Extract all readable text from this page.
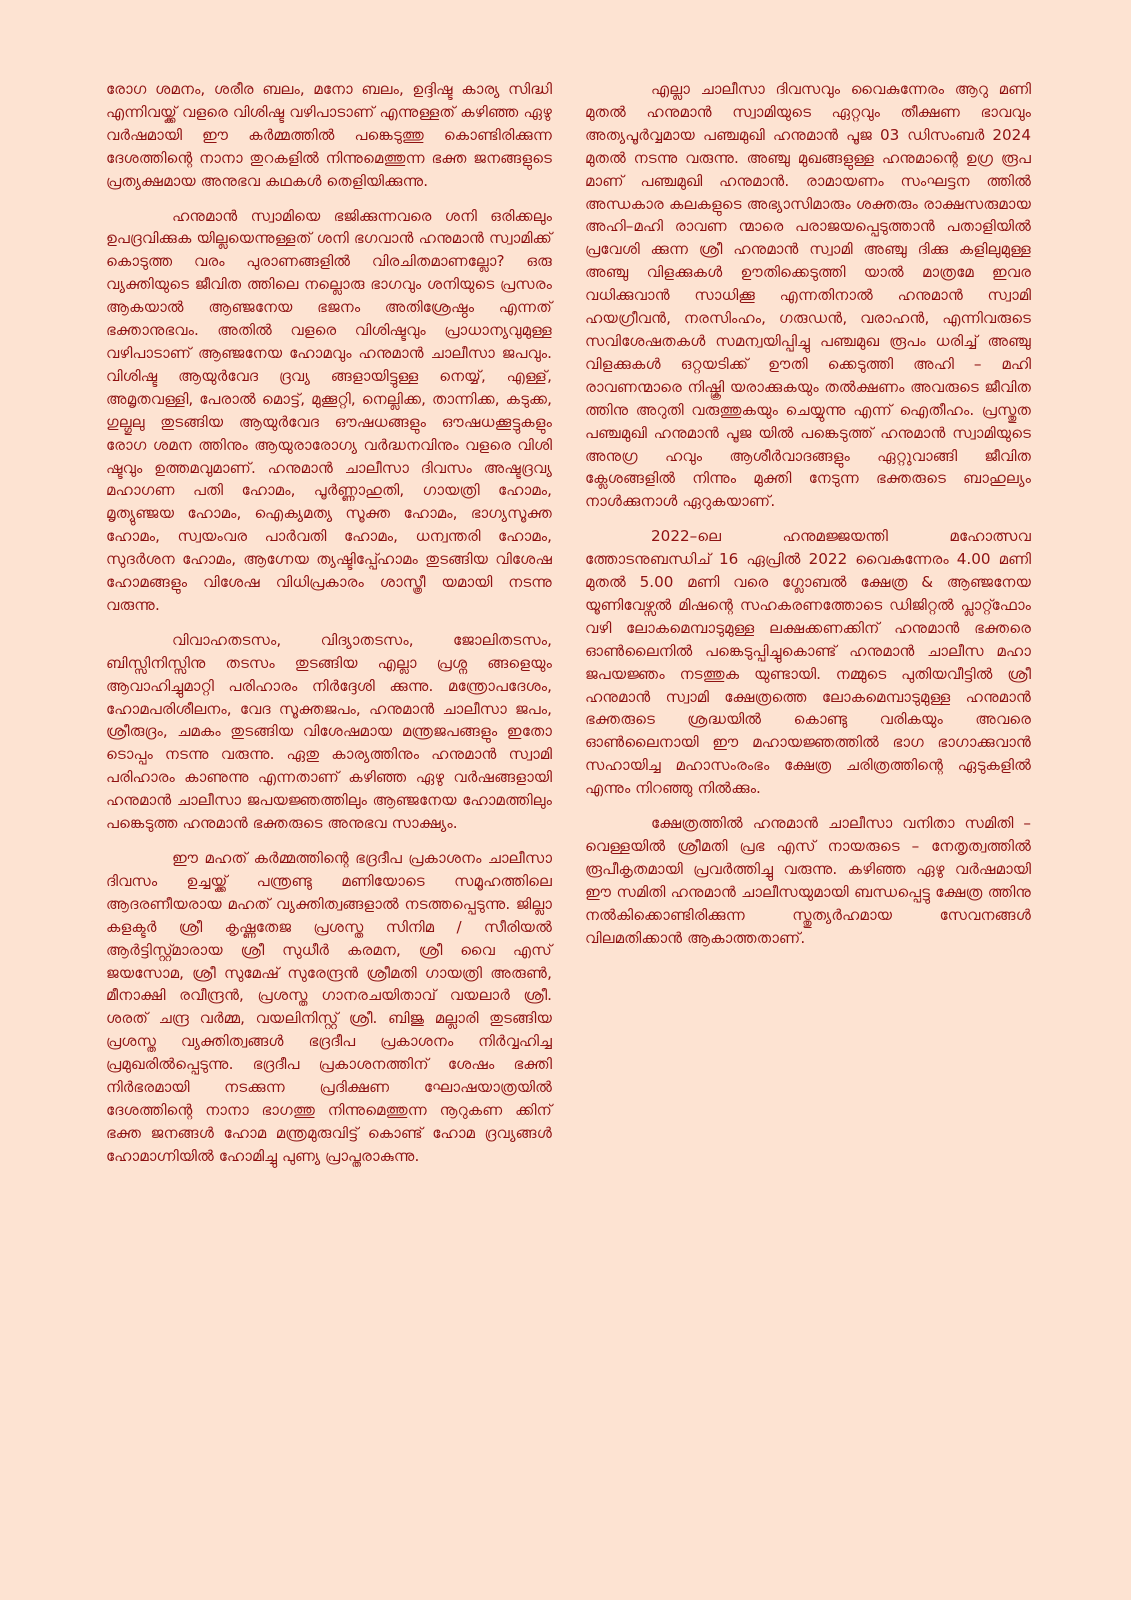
രോഗ ശമനം, ശരീര ബലം, മനോ ബലം, ഉദ്ദിഷ്ട കാര്യ സിദ്ധി എന്നിവയ്ക്ക് വളരെ വിശിഷ്ട വഴിപാടാണ് എന്നുള്ളത് കഴിഞ്ഞ ഏഴു വർഷമായി ഈ കർമ്മത്തിൽ പങ്കെടുത്തു കൊണ്ടിരിക്കുന്ന ദേശത്തിന്റെ നാനാ തുറകളിൽ നിന്നുമെത്തുന്ന ഭക്ത ജനങ്ങളുടെ പ്രത്യക്ഷമായ അനുഭവ കഥകൾ തെളിയിക്കുന്നു.

ഹനുമാൻ സ്വാമിയെ ഭജിക്കുന്നവരെ ശനി ഒരിക്കലും ഉപദ്രവിക്കുക യില്ലയെന്നുള്ളത് ശനി ഭഗവാൻ ഹനുമാൻ സ്വാമിക്ക് കൊടുത്ത വരം പുരാണങ്ങളിൽ വിരചിതമാണല്ലോ? ഒരു വ്യക്തിയുടെ ജീവിത ത്തിലെ നല്ലൊരു ഭാഗവും ശനിയുടെ പ്രസരം ആകയാൽ ആഞ്ജനേയ ഭജനം അതിശ്രേഷ്ഠം എന്നത് ഭക്താനുഭവം. അതിൽ വളരെ വിശിഷ്ടവും പ്രാധാന്യവുമുള്ള വഴിപാടാണ് ആഞ്ജനേയ ഹോമവും ഹനുമാൻ ചാലീസാ ജപവും. വിശിഷ്ട ആയുർവേദ ദ്രവ്യ ങ്ങളായിട്ടുള്ള നെയ്യ്, എള്ള്, അമൃതവള്ളി, പേരാൽ മൊട്ട്, മുക്കൂറ്റി, നെല്ലിക്ക, താന്നിക്ക, കടുക്ക, ഗുല്ഗുലു തുടങ്ങിയ ആയുർവേദ ഔഷധങ്ങളും ഔഷധക്കൂട്ടുകളും രോഗ ശമന ത്തിനും ആയുരാരോഗ്യ വർദ്ധനവിനും വളരെ വിശി ഷ്ടവും ഉത്തമവുമാണ്. ഹനുമാൻ ചാലീസാ ദിവസം അഷ്ടദ്രവ്യ മഹാഗണ പതി ഹോമം, പൂർണ്ണാഹുതി, ഗായത്രി ഹോമം, മൃത്യുഞ്ജയ ഹോമം, ഐക്യമത്യ സൂക്ത ഹോമം, ഭാഗ്യസൂക്ത ഹോമം, സ്വയംവര പാർവതി ഹോമം, ധന്വന്തരി ഹോമം, സുദർശന ഹോമം, ആഗ്നേയ ത്യഷ്ടിപ്പ്ഹോമം തുടങ്ങിയ വിശേഷ ഹോമങ്ങളും വിശേഷ വിധിപ്രകാരം ശാസ്ത്രീ യമായി നടന്നു വരുന്നു.

വിവാഹതടസം, വിദ്യാതടസം, ജോലിതടസം, ബിസ്സിനിസ്സിനു തടസം തുടങ്ങിയ എല്ലാ പ്രശ്ന ങ്ങളെയും ആവാഹിച്ചുമാറ്റി പരിഹാരം നിർദ്ദേശി ക്കുന്നു. മന്ത്രോപദേശം, ഹോമപരിശീലനം, വേദ സൂക്തജപം, ഹനുമാൻ ചാലീസാ ജപം, ശ്രീരുദ്രം, ചമകം തുടങ്ങിയ വിശേഷമായ മന്ത്രജപങ്ങളും ഇതോ ടൊപ്പം നടന്നു വരുന്നു. ഏതു കാര്യത്തിനും ഹനുമാൻ സ്വാമി പരിഹാരം കാണുന്നു എന്നതാണ് കഴിഞ്ഞ ഏഴു വർഷങ്ങളായി ഹനുമാൻ ചാലീസാ ജപയജ്ഞത്തിലും ആഞ്ജനേയ ഹോമത്തിലും പങ്കെടുത്ത ഹനുമാൻ ഭക്തരുടെ അനുഭവ സാക്ഷ്യം.

ഈ മഹത് കർമ്മത്തിന്റെ ഭദ്രദീപ പ്രകാശനം ചാലീസാ ദിവസം ഉച്ചയ്ക്ക് പന്ത്രണ്ടു മണിയോടെ സമൂഹത്തിലെ ആദരണീയരായ മഹത് വ്യക്തിത്വങ്ങളാൽ നടത്തപ്പെടുന്നു. ജില്ലാ കളക്ടർ ശ്രീ കൃഷ്ണതേജ പ്രശസ്ത സിനിമ / സീരിയൽ ആർട്ടിസ്റ്റ്മാരായ ശ്രീ സുധീർ കരമന, ശ്രീ വൈ എസ് ജയസോമ, ശ്രീ സുമേഷ് സുരേന്ദ്രൻ ശ്രീമതി ഗായത്രി അരുൺ, മീനാക്ഷി രവീന്ദ്രൻ, പ്രശസ്ത ഗാനരചയിതാവ് വയലാർ ശ്രീ. ശരത് ചന്ദ്ര വർമ്മ, വയലിനിസ്റ്റ് ശ്രീ. ബിജു മല്ലാരി തുടങ്ങിയ പ്രശസ്ത വ്യക്തിത്വങ്ങൾ ഭദ്രദീപ പ്രകാശനം നിർവ്വഹിച്ച പ്രമുഖരിൽപ്പെടുന്നു. ഭദ്രദീപ പ്രകാശനത്തിന് ശേഷം ഭക്തി നിർഭരമായി നടക്കുന്ന പ്രദിക്ഷണ ഘോഷയാത്രയിൽ ദേശത്തിന്റെ നാനാ ഭാഗത്തു നിന്നുമെത്തുന്ന നൂറുകണ ക്കിന് ഭക്ത ജനങ്ങൾ ഹോമ മന്ത്രമുരുവിട്ട് കൊണ്ട് ഹോമ ദ്രവ്യങ്ങൾ ഹോമാഗ്നിയിൽ ഹോമിച്ചു പുണ്യ പ്രാപ്തരാകുന്നു.

എല്ലാ ചാലീസാ ദിവസവും വൈകുന്നേരം ആറു മണി മുതൽ ഹനുമാൻ സ്വാമിയുടെ ഏറ്റവും തീക്ഷണ ഭാവവും അത്യപൂർവ്വമായ പഞ്ചമുഖി ഹനുമാൻ പൂജ 03 ഡിസംബർ 2024 മുതൽ നടന്നു വരുന്നു. അഞ്ചു മുഖങ്ങളുള്ള ഹനുമാന്റെ ഉഗ്ര രൂപ മാണ് പഞ്ചമുഖി ഹനുമാൻ. രാമായണം സംഘട്ടന ത്തിൽ അന്ധകാര കലകളുടെ അഭ്യാസിമാരും ശക്തരും രാക്ഷസരുമായ അഹി–മഹി രാവണ ന്മാരെ പരാജയപ്പെടുത്താൻ പതാളിയിൽ പ്രവേശി ക്കുന്ന ശ്രീ ഹനുമാൻ സ്വാമി അഞ്ചു ദിക്കു കളിലുമുള്ള അഞ്ചു വിളക്കുകൾ ഊതിക്കെടുത്തി യാൽ മാത്രമേ ഇവര വധിക്കുവാൻ സാധിക്കൂ എന്നതിനാൽ ഹനുമാൻ സ്വാമി ഹയഗ്രീവൻ, നരസിംഹം, ഗരുഡൻ, വരാഹൻ, എന്നിവരുടെ സവിശേഷതകൾ സമന്വയിപ്പിച്ചു പഞ്ചമുഖ രൂപം ധരിച്ച് അഞ്ചു വിളക്കുകൾ ഒറ്റയടിക്ക് ഊതി ക്കെടുത്തി അഹി – മഹി രാവണന്മാരെ നിഷ്ക്രി യരാക്കുകയും തൽക്ഷണം അവരുടെ ജീവിത ത്തിനു അറുതി വരുത്തുകയും ചെയ്യുന്നു എന്ന് ഐതീഹം. പ്രസ്തുത പഞ്ചമുഖി ഹനുമാൻ പൂജ യിൽ പങ്കെടുത്ത് ഹനുമാൻ സ്വാമിയുടെ അനുഗ്ര ഹവും ആശീർവാദങ്ങളും ഏറ്റുവാങ്ങി ജീവിത ക്ലേശങ്ങളിൽ നിന്നും മുക്തി നേടുന്ന ഭക്തരുടെ ബാഹുല്യം നാൾക്കുനാൾ ഏറുകയാണ്.

2022–ലെ ഹനുമജ്ജയന്തി മഹോത്സവ ത്തോടനുബന്ധിച് 16 ഏപ്രിൽ 2022 വൈകുന്നേരം 4.00 മണി മുതൽ 5.00 മണി വരെ ഗ്ലോബൽ ക്ഷേത്ര & ആഞ്ജനേയ യൂണിവേഴ്സൽ മിഷന്റെ സഹകരണത്തോടെ ഡിജിറ്റൽ പ്ലാറ്റ്ഫോം വഴി ലോകമെമ്പാടുമുള്ള ലക്ഷക്കണക്കിന് ഹനുമാൻ ഭക്തരെ ഓൺലൈനിൽ പങ്കെടുപ്പിച്ചുകൊണ്ട് ഹനുമാൻ ചാലീസ മഹാ ജപയജ്ഞം നടത്തുക യുണ്ടായി. നമ്മുടെ പുതിയവീട്ടിൽ ശ്രീ ഹനുമാൻ സ്വാമി ക്ഷേത്രത്തെ ലോകമെമ്പാടുമുള്ള ഹനുമാൻ ഭക്തരുടെ ശ്രദ്ധയിൽ കൊണ്ടു വരികയും അവരെ ഓൺലൈനായി ഈ മഹായജ്ഞത്തിൽ ഭാഗ ഭാഗാക്കുവാൻ സഹായിച്ച മഹാസംരംഭം ക്ഷേത്ര ചരിത്രത്തിന്റെ ഏടുകളിൽ എന്നും നിറഞ്ഞു നിൽക്കും.

ക്ഷേത്രത്തിൽ ഹനുമാൻ ചാലീസാ വനിതാ സമിതി – വെള്ളയിൽ ശ്രീമതി പ്രഭ എസ് നായരുടെ – നേതൃത്വത്തിൽ രൂപീകൃതമായി പ്രവർത്തിച്ചു വരുന്നു. കഴിഞ്ഞ ഏഴു വർഷമായി ഈ സമിതി ഹനുമാൻ ചാലീസയുമായി ബന്ധപ്പെട്ടു ക്ഷേത്ര ത്തിനു നൽകിക്കൊണ്ടിരിക്കുന്ന സ്തുത്യർഹമായ സേവനങ്ങൾ വിലമതിക്കാൻ ആകാത്തതാണ്.
